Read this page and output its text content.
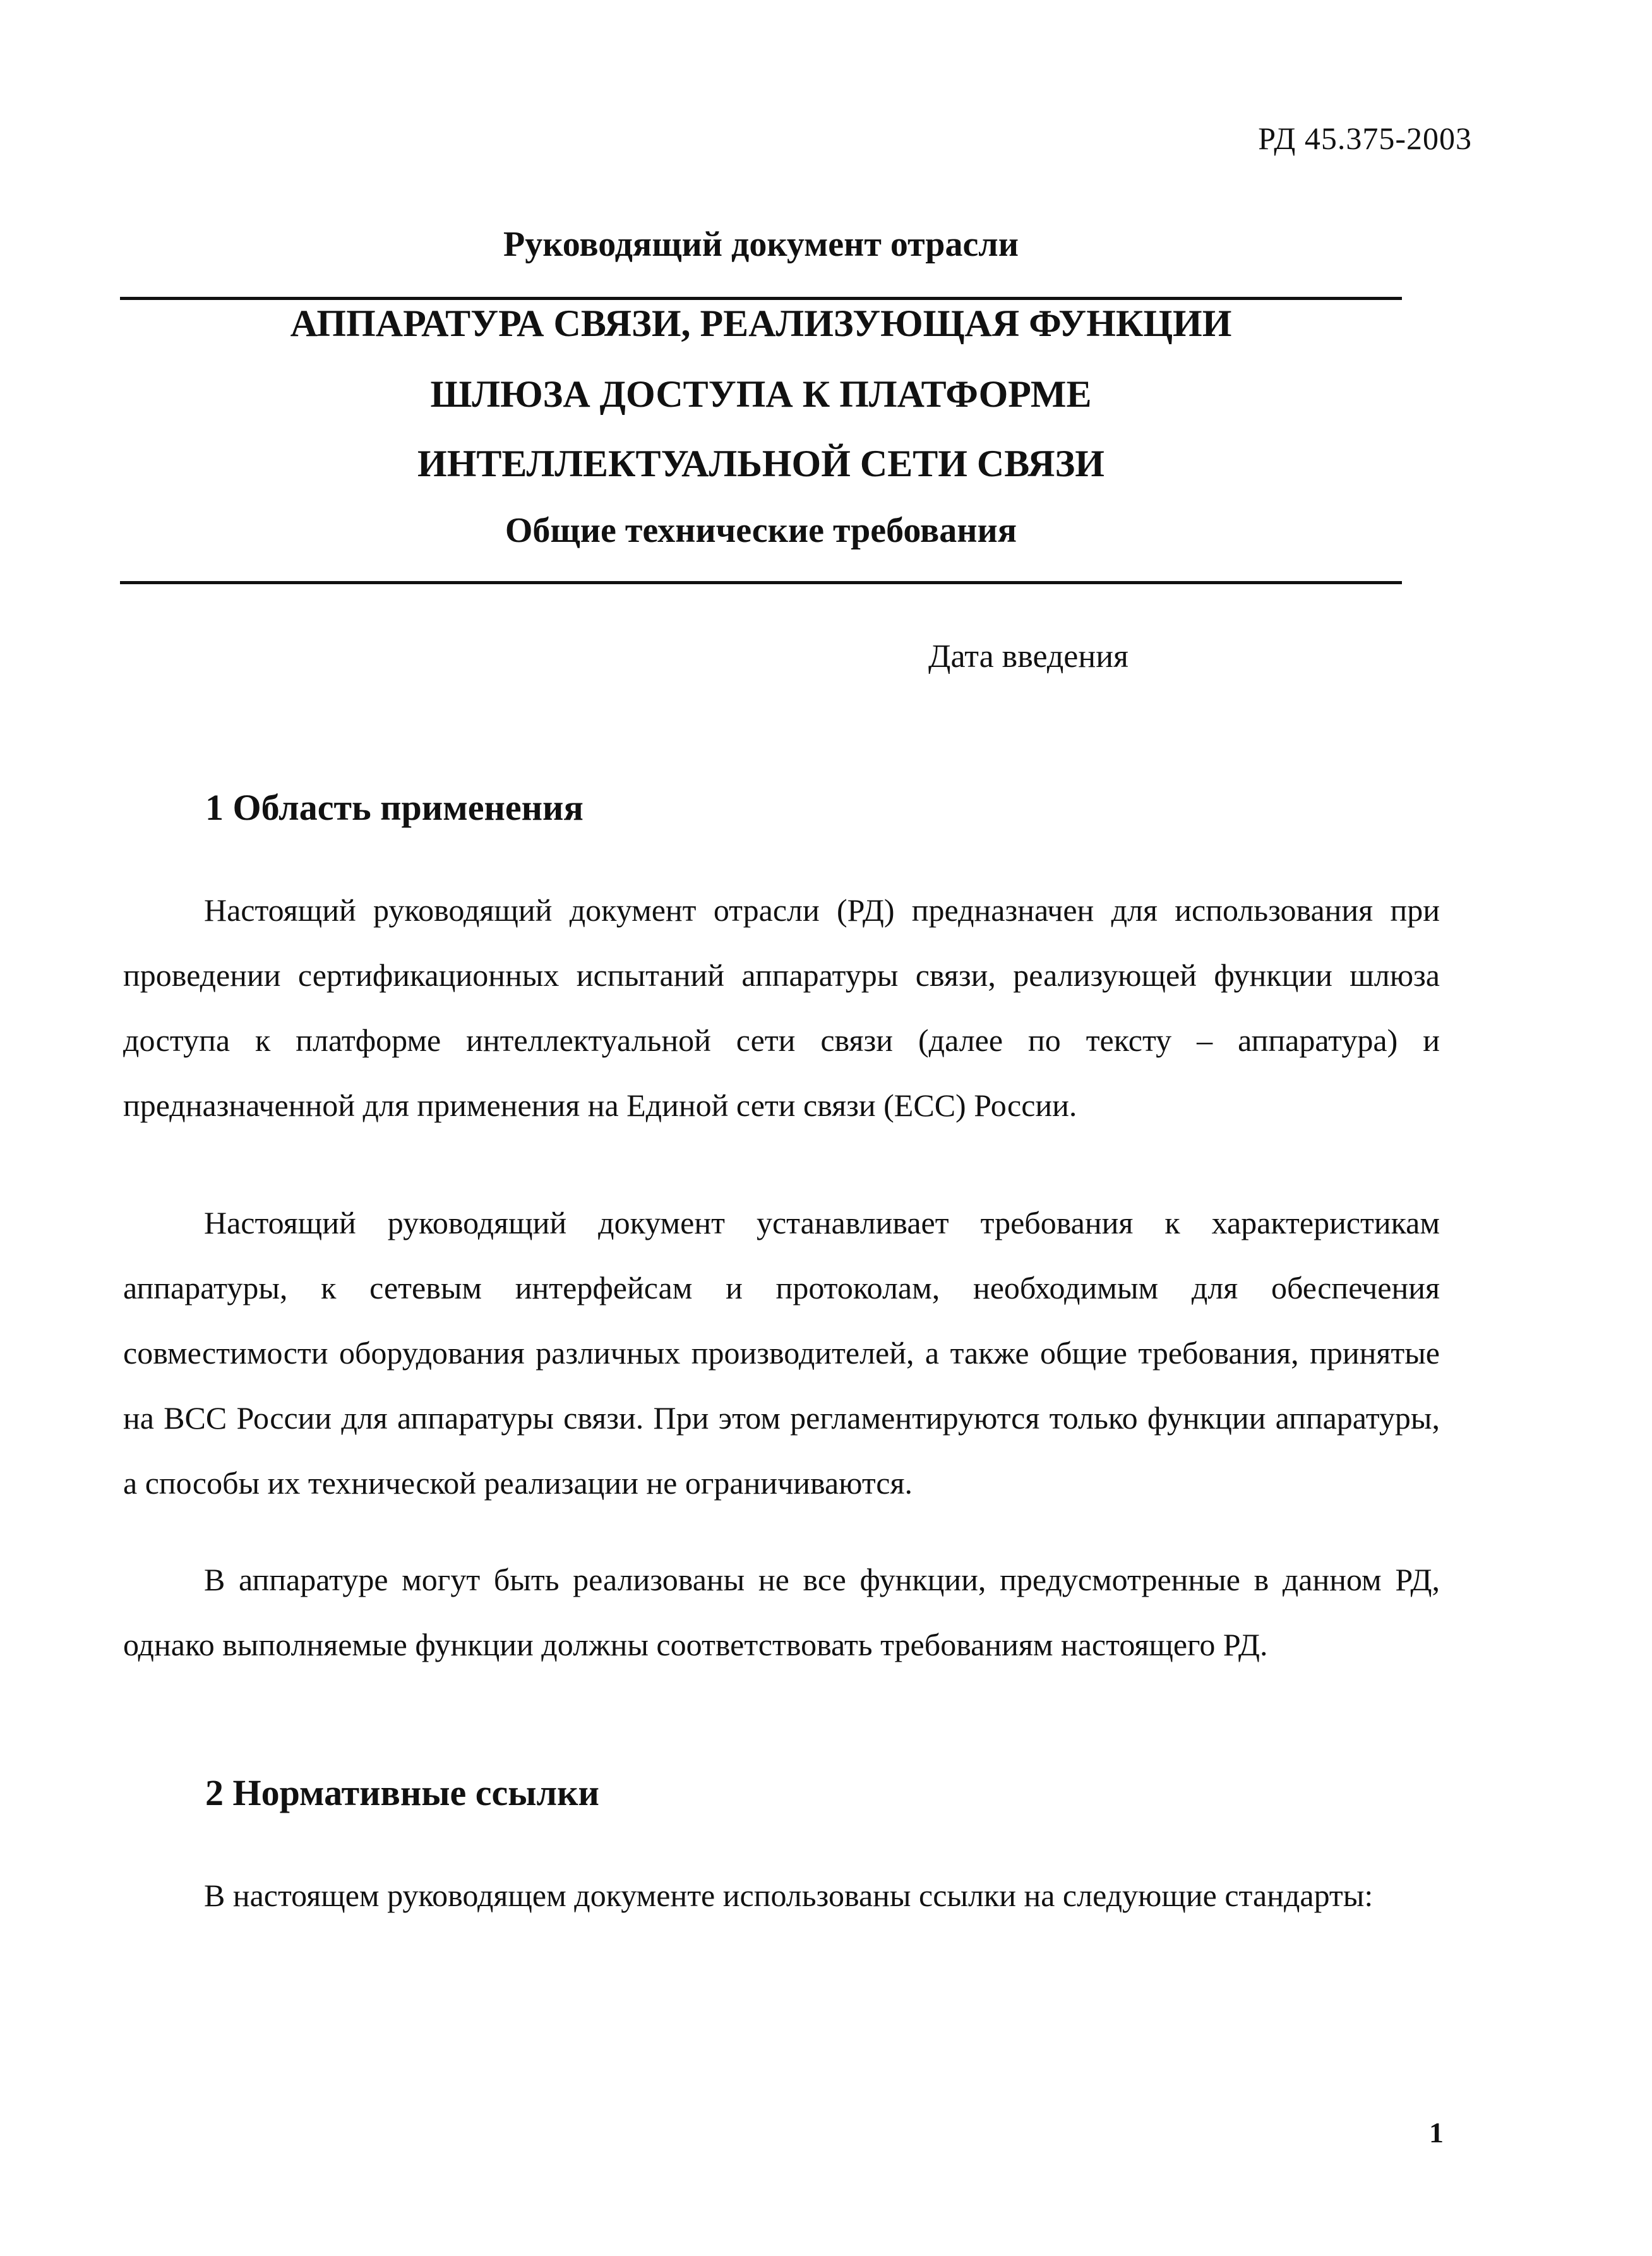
РД 45.375-2003
Руководящий документ отрасли
АППАРАТУРА СВЯЗИ, РЕАЛИЗУЮЩАЯ ФУНКЦИИ
ШЛЮЗА ДОСТУПА К ПЛАТФОРМЕ
ИНТЕЛЛЕКТУАЛЬНОЙ СЕТИ СВЯЗИ
Общие технические требования
Дата введения
1 Область применения

Настоящий руководящий документ отрасли (РД) предназначен для использования при проведении сертификационных испытаний аппаратуры связи, реализующей функции шлюза доступа к платформе интеллектуальной сети связи (далее по тексту – аппаратура) и предназначенной для применения на Единой сети связи (ЕСС) России.

Настоящий руководящий документ устанавливает требования к характеристикам аппаратуры, к сетевым интерфейсам и протоколам, необходимым для обеспечения совместимости оборудования различных производителей, а также общие требования, принятые на ВСС России для аппаратуры связи. При этом регламентируются только функции аппаратуры, а способы их технической реализации не ограничиваются.

В аппаратуре могут быть реализованы не все функции, предусмотренные в данном РД, однако выполняемые функции должны соответствовать требованиям настоящего РД.

2 Нормативные ссылки

В настоящем руководящем документе использованы ссылки на следующие стандарты:

1
